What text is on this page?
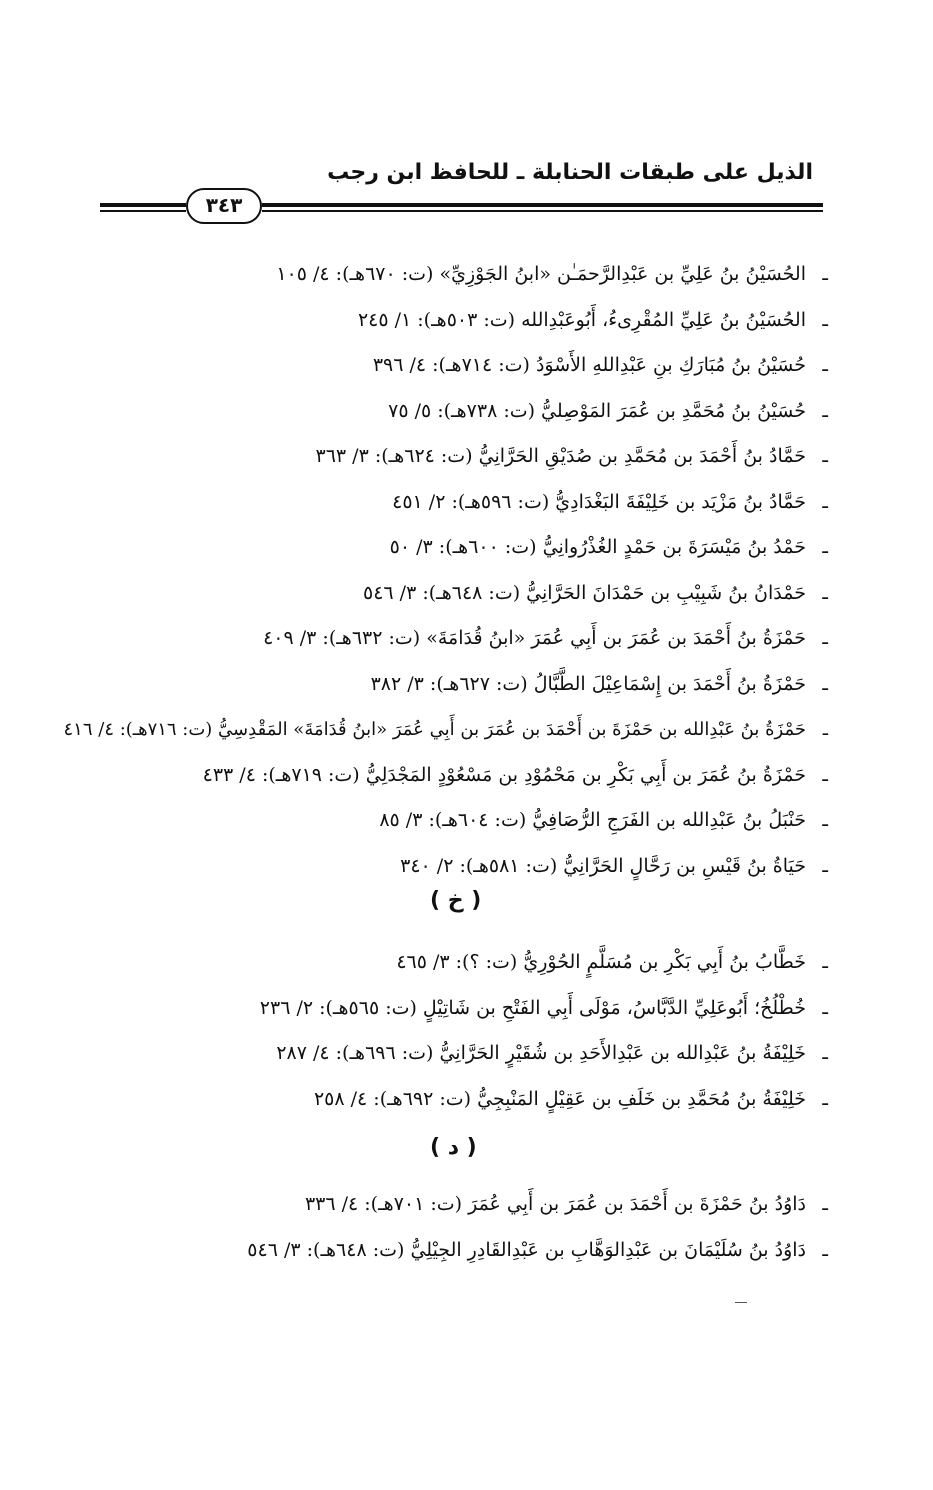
الذيل على طبقات الحنابلة ـ للحافظ ابن رجب
٣٤٣
ـالحُسَيْنُ بنُ عَلِيِّ بن عَبْدِالرَّحمَـٰن «ابنُ الجَوْزِيِّ» (ت: ٦٧٠هـ): ٤/ ١٠٥
ـالحُسَيْنُ بنُ عَلِيِّ المُقْرِىءُ، أَبُوعَبْدِالله (ت: ٥٠٣هـ): ١/ ٢٤٥
ـحُسَيْنُ بنُ مُبَارَكِ بنِ عَبْدِاللهِ الأَسْوَدُ (ت: ٧١٤هـ): ٤/ ٣٩٦
ـحُسَيْنُ بنُ مُحَمَّدِ بن عُمَرَ المَوْصِليُّ (ت: ٧٣٨هـ): ٥/ ٧٥
ـحَمَّادُ بنُ أَحْمَدَ بن مُحَمَّدِ بن صُدَيْقِ الحَرَّانِيُّ (ت: ٦٢٤هـ): ٣/ ٣٦٣
ـحَمَّادُ بنُ مَزْيَد بن خَلِيْفَةَ البَغْدَادِيُّ (ت: ٥٩٦هـ): ٢/ ٤٥١
ـحَمْدُ بنُ مَيْسَرَةَ بن حَمْدٍ الغُذْرُوانِيُّ (ت: ٦٠٠هـ): ٣/ ٥٠
ـحَمْدَانُ بنُ شَبِيْبِ بن حَمْدَانَ الحَرَّانِيُّ (ت: ٦٤٨هـ): ٣/ ٥٤٦
ـحَمْزَةُ بنُ أَحْمَدَ بن عُمَرَ بن أَبِي عُمَرَ «ابنُ قُدَامَةَ» (ت: ٦٣٢هـ): ٣/ ٤٠٩
ـحَمْزَةُ بنُ أَحْمَدَ بن إِسْمَاعِيْلَ الطَّبَّالُ (ت: ٦٢٧هـ): ٣/ ٣٨٢
ـحَمْزَةُ بنُ عَبْدِالله بن حَمْزَةَ بن أَحْمَدَ بن عُمَرَ بن أَبِي عُمَرَ «ابنُ قُدَامَةَ» المَقْدِسِيُّ (ت: ٧١٦هـ): ٤/ ٤١٦
ـحَمْزَةُ بنُ عُمَرَ بن أَبِي بَكْرِ بن مَحْمُوْدِ بن مَسْعُوْدٍ المَجْدَلِيُّ (ت: ٧١٩هـ): ٤/ ٤٣٣
ـحَنْبَلُ بنُ عَبْدِالله بن الفَرَجِ الرُّصَافِيُّ (ت: ٦٠٤هـ): ٣/ ٨٥
ـحَيَاةُ بنُ قَيْسِ بن رَحَّالٍ الحَرَّانِيُّ (ت: ٥٨١هـ): ٢/ ٣٤٠
( خ )
ـخَطَّابُ بنُ أَبِي بَكْرِ بن مُسَلَّمٍ الحُوْرِيُّ (ت: ؟): ٣/ ٤٦٥
ـخُطْلُخُ؛ أَبُوعَلِيِّ الدَّبَّاسُ، مَوْلَى أَبِي الفَتْحِ بن شَاتِيْلٍ (ت: ٥٦٥هـ): ٢/ ٢٣٦
ـخَلِيْفَةُ بنُ عَبْدِالله بن عَبْدِالأَحَدِ بن شُقَيْرٍ الحَرَّانِيُّ (ت: ٦٩٦هـ): ٤/ ٢٨٧
ـخَلِيْفَةُ بنُ مُحَمَّدِ بن خَلَفِ بن عَقِيْلٍ المَنْبِجِيُّ (ت: ٦٩٢هـ): ٤/ ٢٥٨
( د )
ـدَاوُدُ بنُ حَمْزَةَ بن أَحْمَدَ بن عُمَرَ بن أَبِي عُمَرَ (ت: ٧٠١هـ): ٤/ ٣٣٦
ـدَاوُدُ بنُ سُلَيْمَانَ بن عَبْدِالوَهَّابِ بن عَبْدِالقَادِرِ الجِيْلِيُّ (ت: ٦٤٨هـ): ٣/ ٥٤٦
